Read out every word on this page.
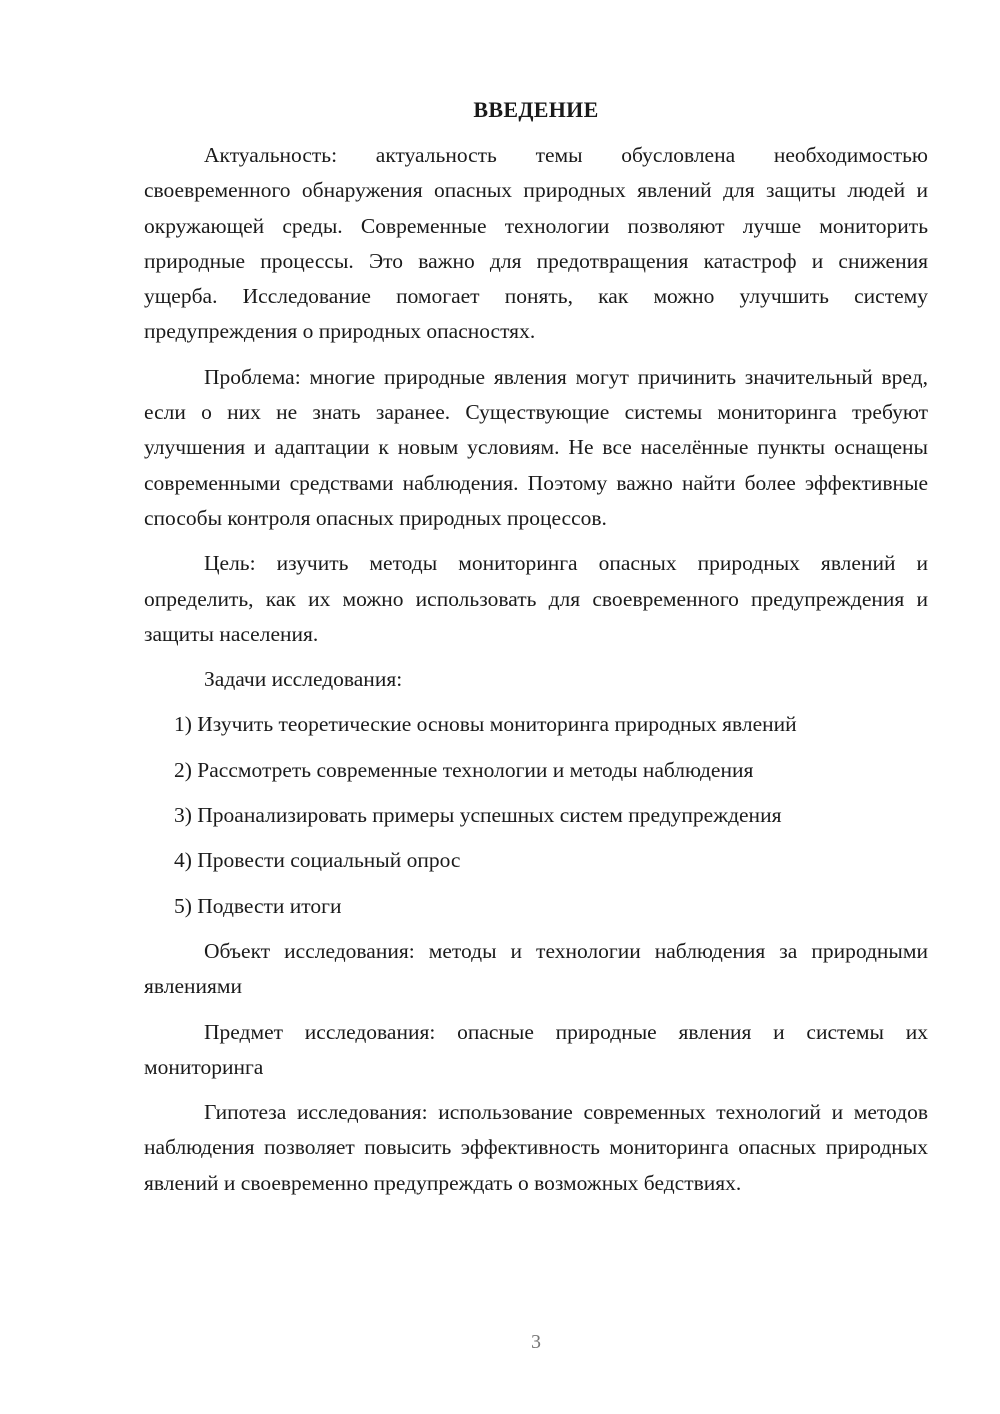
ВВЕДЕНИЕ

Актуальность: актуальность темы обусловлена необходимостью своевременного обнаружения опасных природных явлений для защиты людей и окружающей среды. Современные технологии позволяют лучше мониторить природные процессы. Это важно для предотвращения катастроф и снижения ущерба. Исследование помогает понять, как можно улучшить систему предупреждения о природных опасностях.

Проблема: многие природные явления могут причинить значительный вред, если о них не знать заранее. Существующие системы мониторинга требуют улучшения и адаптации к новым условиям. Не все населённые пункты оснащены современными средствами наблюдения. Поэтому важно найти более эффективные способы контроля опасных природных процессов.

Цель: изучить методы мониторинга опасных природных явлений и определить, как их можно использовать для своевременного предупреждения и защиты населения.

Задачи исследования:

1) Изучить теоретические основы мониторинга природных явлений
2) Рассмотреть современные технологии и методы наблюдения
3) Проанализировать примеры успешных систем предупреждения
4) Провести социальный опрос
5) Подвести итоги

Объект исследования: методы и технологии наблюдения за природными явлениями

Предмет исследования: опасные природные явления и системы их мониторинга

Гипотеза исследования: использование современных технологий и методов наблюдения позволяет повысить эффективность мониторинга опасных природных явлений и своевременно предупреждать о возможных бедствиях.

3
